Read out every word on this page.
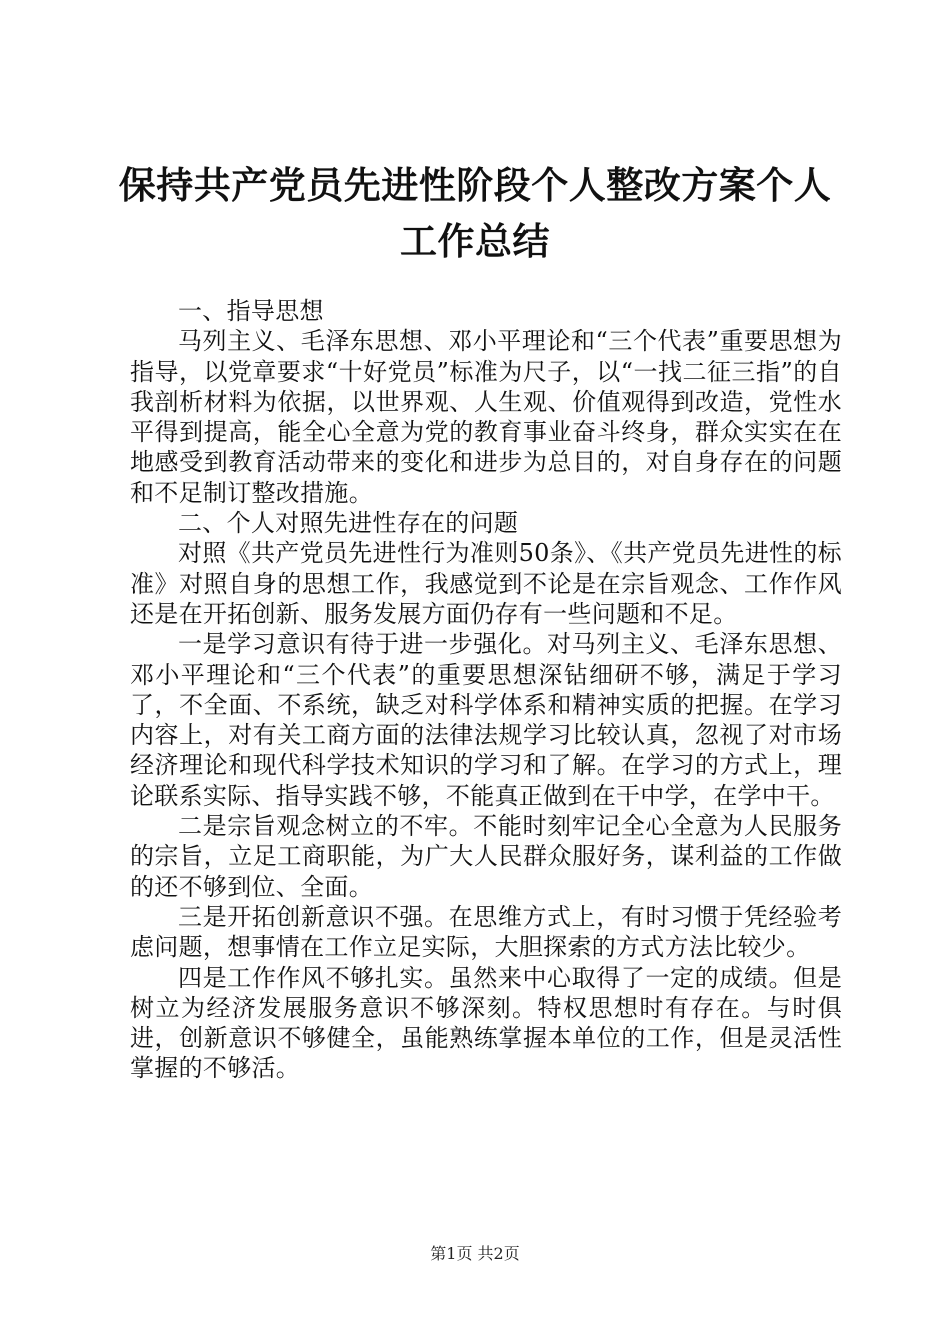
保持共产党员先进性阶段个人整改方案个人工作总结

一、指导思想

马列主义、毛泽东思想、邓小平理论和“三个代表”重要思想为指导，以党章要求“十好党员”标准为尺子，以“一找二征三指”的自我剖析材料为依据，以世界观、人生观、价值观得到改造，党性水平得到提高，能全心全意为党的教育事业奋斗终身，群众实实在在地感受到教育活动带来的变化和进步为总目的，对自身存在的问题和不足制订整改措施。

二、个人对照先进性存在的问题

对照《共产党员先进性行为准则50条》、《共产党员先进性的标准》对照自身的思想工作，我感觉到不论是在宗旨观念、工作作风还是在开拓创新、服务发展方面仍存有一些问题和不足。

一是学习意识有待于进一步强化。对马列主义、毛泽东思想、邓小平理论和“三个代表”的重要思想深钻细研不够，满足于学习了，不全面、不系统，缺乏对科学体系和精神实质的把握。在学习内容上，对有关工商方面的法律法规学习比较认真，忽视了对市场经济理论和现代科学技术知识的学习和了解。在学习的方式上，理论联系实际、指导实践不够，不能真正做到在干中学，在学中干。

二是宗旨观念树立的不牢。不能时刻牢记全心全意为人民服务的宗旨，立足工商职能，为广大人民群众服好务，谋利益的工作做的还不够到位、全面。

三是开拓创新意识不强。在思维方式上，有时习惯于凭经验考虑问题，想事情在工作立足实际，大胆探索的方式方法比较少。

四是工作作风不够扎实。虽然来中心取得了一定的成绩。但是树立为经济发展服务意识不够深刻。特权思想时有存在。与时俱进，创新意识不够健全，虽能熟练掌握本单位的工作，但是灵活性掌握的不够活。

第1页 共2页
